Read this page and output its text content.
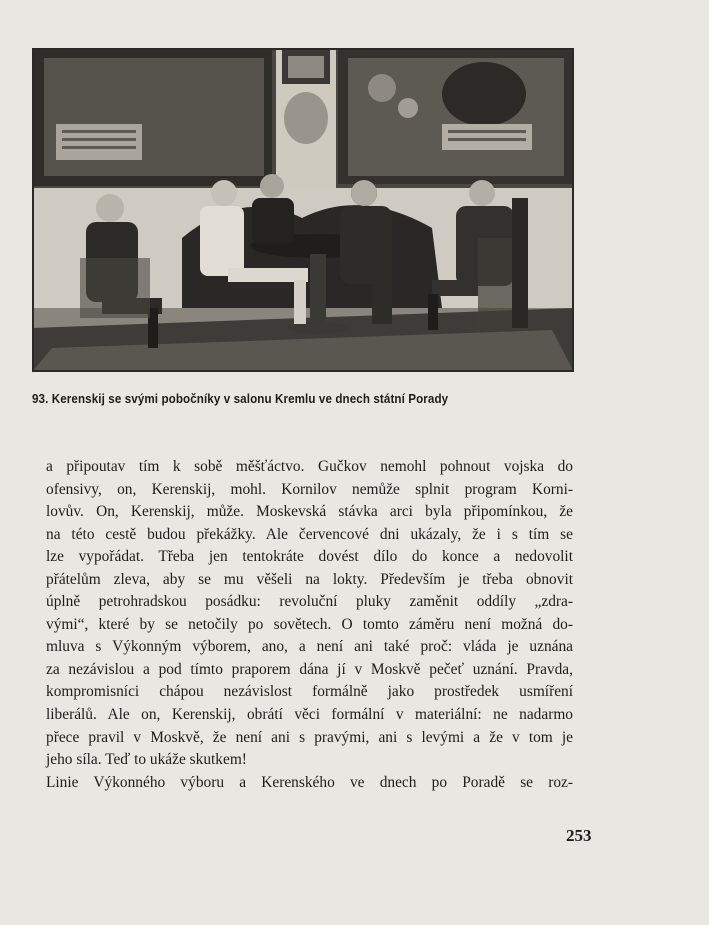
93. Kerenskij se svými pobočníky v salonu Kremlu ve dnech státní Porady
a připoutav tím k sobě měšťáctvo. Gučkov nemohl pohnout vojska do
ofensivy, on, Kerenskij, mohl. Kornilov nemůže splnit program Korni-
lovův. On, Kerenskij, může. Moskevská stávka arci byla připomínkou, že
na této cestě budou překážky. Ale červencové dni ukázaly, že i s tím se
lze vypořádat. Třeba jen tentokráte dovést dílo do konce a nedovolit
přátelům zleva, aby se mu věšeli na lokty. Především je třeba obnovit
úplně petrohradskou posádku: revoluční pluky zaměnit oddíly „zdra-
vými“, které by se netočily po sovětech. O tomto záměru není možná do-
mluva s Výkonným výborem, ano, a není ani také proč: vláda je uznána
za nezávislou a pod tímto praporem dána jí v Moskvě pečeť uznání. Pravda,
kompromisníci chápou nezávislost formálně jako prostředek usmíření
liberálů. Ale on, Kerenskij, obrátí věci formální v materiální: ne nadarmo
přece pravil v Moskvě, že není ani s pravými, ani s levými a že v tom je
jeho síla. Teď to ukáže skutkem!
Linie Výkonného výboru a Kerenského ve dnech po Poradě se roz-
253
